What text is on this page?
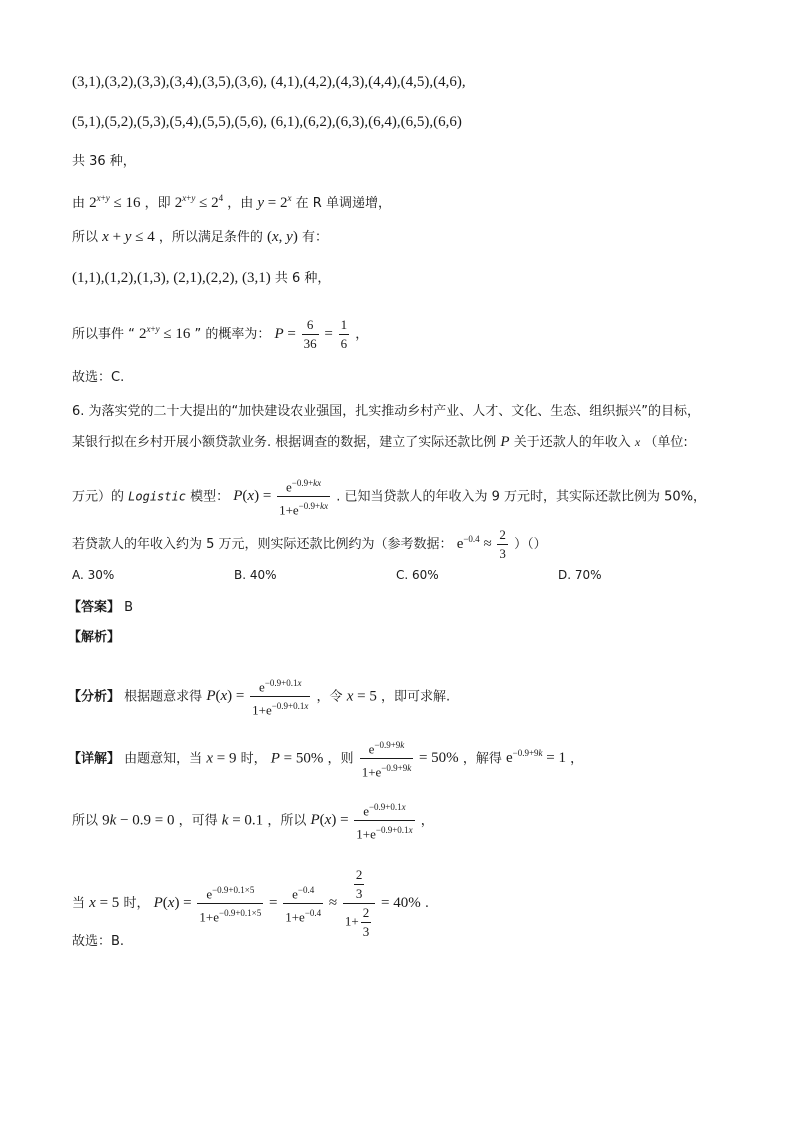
(3,1),(3,2),(3,3),(3,4),(3,5),(3,6), (4,1),(4,2),(4,3),(4,4),(4,5),(4,6),
(5,1),(5,2),(5,3),(5,4),(5,5),(5,6), (6,1),(6,2),(6,3),(6,4),(6,5),(6,6)
共 36 种，
由 $2^{x+y} \le 16$ ，即 $2^{x+y} \le 2^4$ ，由 $y = 2^x$ 在 R 单调递增，
所以 x + y ≤ 4 ，所以满足条件的 (x, y) 有：
(1,1),(1,2),(1,3), (2,1),(2,2), (3,1) 共 6 种，
所以事件 “ $2^{x+y} \le 16$ ” 的概率为： $P = \frac{6}{36} = \frac{1}{6}$ ，
故选：C.
6. 为落实党的二十大提出的“加快建设农业强国，扎实推动乡村产业、人才、文化、生态、组织振兴”的目标，
某银行拟在乡村开展小额贷款业务. 根据调查的数据，建立了实际还款比例 P 关于还款人的年收入 x （单位:
万元）的 Logistic 模型： $P(x) = \frac{e^{-0.9+kx}}{1+e^{-0.9+kx}}$ . 已知当贷款人的年收入为 9 万元时，其实际还款比例为 50%，
若贷款人的年收入约为 5 万元，则实际还款比例约为（参考数据： $e^{-0.4} \approx \frac{2}{3}$ ）（）
A. 30%	B. 40%	C. 60%	D. 70%
【答案】 B
【解析】
【分析】 根据题意求得 $P(x) = \frac{e^{-0.9+0.1x}}{1+e^{-0.9+0.1x}}$ ，令 x = 5 ，即可求解.
【详解】 由题意知，当 x = 9 时， P = 50% ，则 $\frac{e^{-0.9+9k}}{1+e^{-0.9+9k}} = 50\%$ ，解得 $e^{-0.9+9k} = 1$ ，
所以 9k − 0.9 = 0 ，可得 k = 0.1 ，所以 $P(x) = \frac{e^{-0.9+0.1x}}{1+e^{-0.9+0.1x}}$ ，
当 x = 5 时， $P(x) = \frac{e^{-0.9+0.1\times 5}}{1+e^{-0.9+0.1\times 5}} = \frac{e^{-0.4}}{1+e^{-0.4}} \approx \frac{\frac{2}{3}}{1+ \frac{2}{3}} = 40\%$ .
故选：B.
